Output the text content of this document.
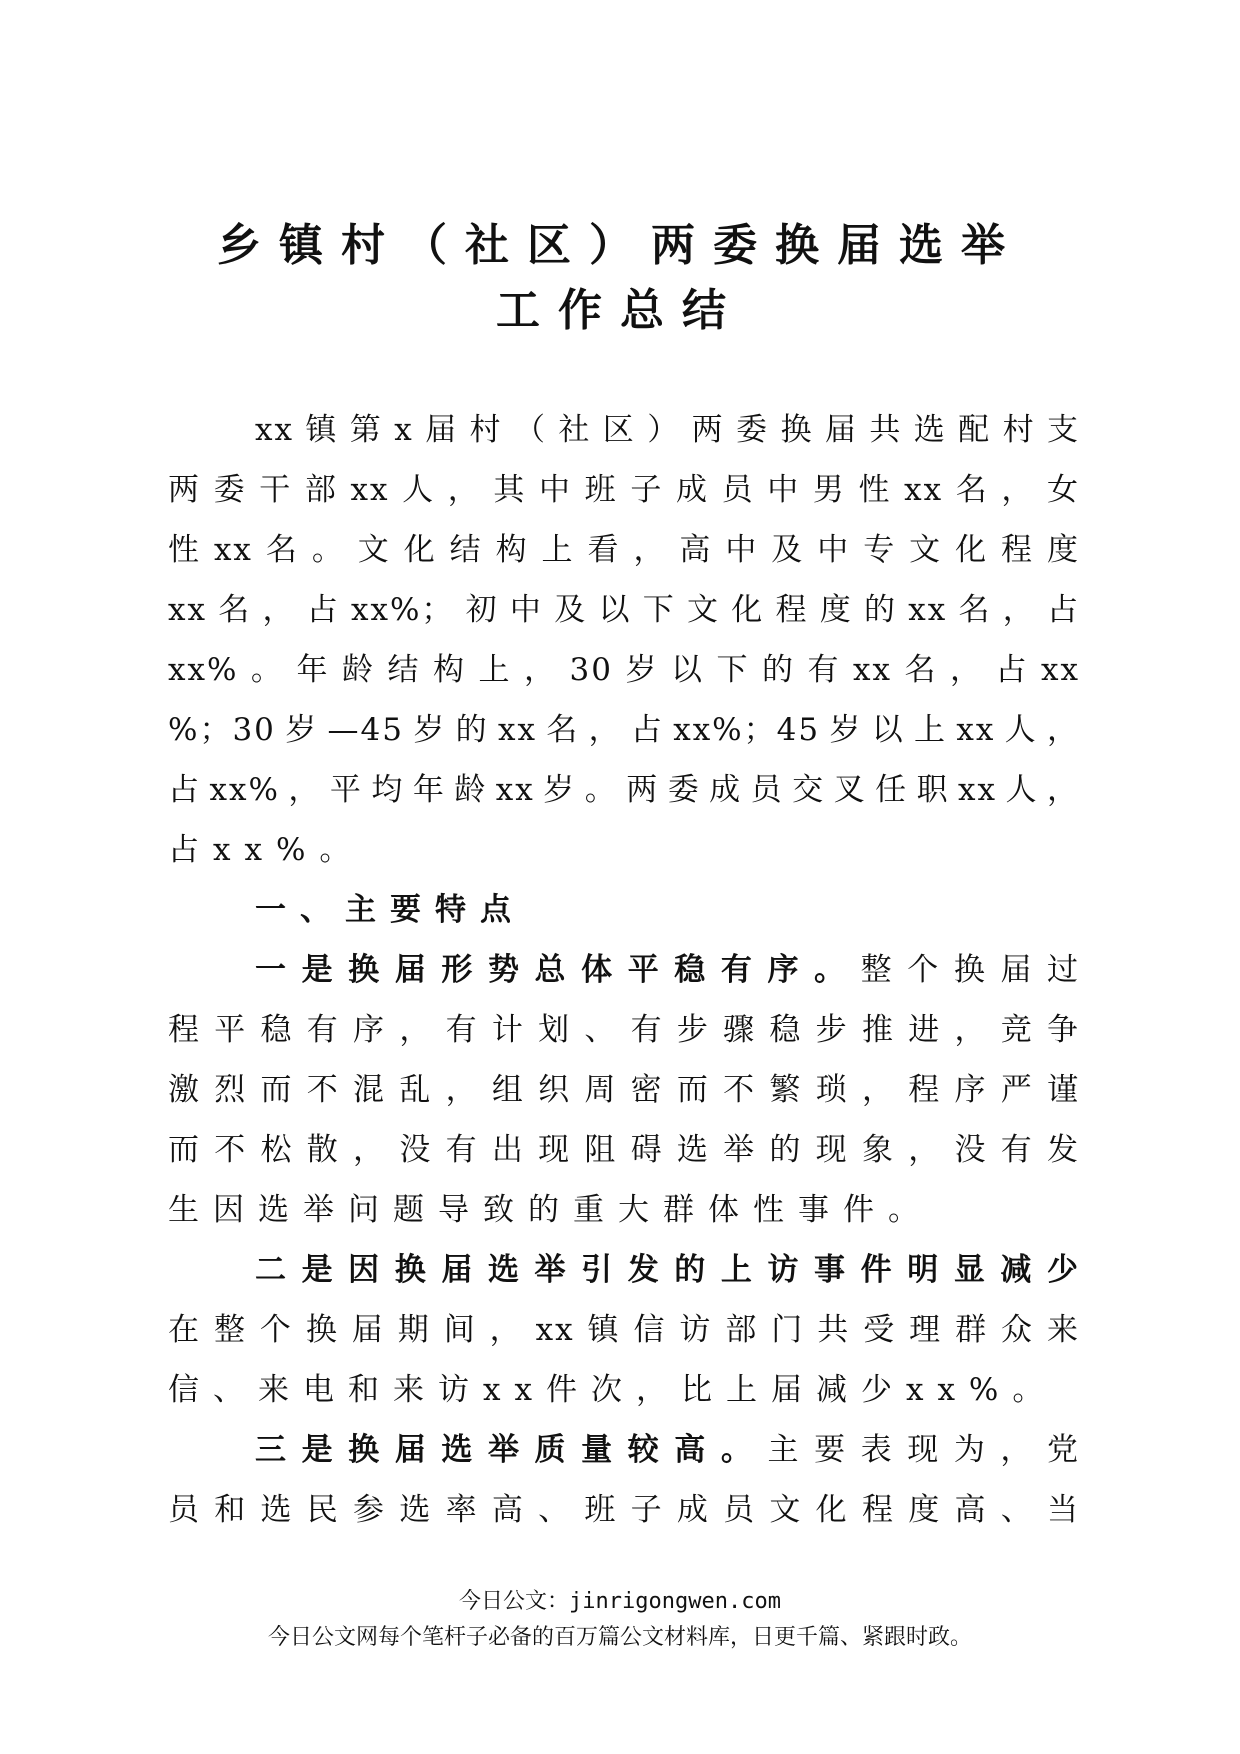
乡镇村（社区）两委换届选举
工作总结
xx镇第x届村（社区）两委换届共选配村支
两委干部xx人，其中班子成员中男性xx名，女
性xx名。文化结构上看，高中及中专文化程度
xx名，占xx%；初中及以下文化程度的xx名，占
xx%。年龄结构上，30岁以下的有xx名，占xx
%；30岁—45岁的xx名，占xx%；45岁以上xx人，
占xx%，平均年龄xx岁。两委成员交叉任职xx人，
占xx%。
一、主要特点
一是换届形势总体平稳有序。整个换届过
程平稳有序，有计划、有步骤稳步推进，竞争
激烈而不混乱，组织周密而不繁琐，程序严谨
而不松散，没有出现阻碍选举的现象，没有发
生因选举问题导致的重大群体性事件。
二是因换届选举引发的上访事件明显减少
在整个换届期间，xx镇信访部门共受理群众来
信、来电和来访xx件次，比上届减少xx%。
三是换届选举质量较高。主要表现为，党
员和选民参选率高、班子成员文化程度高、当
今日公文：jinrigongwen.com
今日公文网每个笔杆子必备的百万篇公文材料库，日更千篇、紧跟时政。
